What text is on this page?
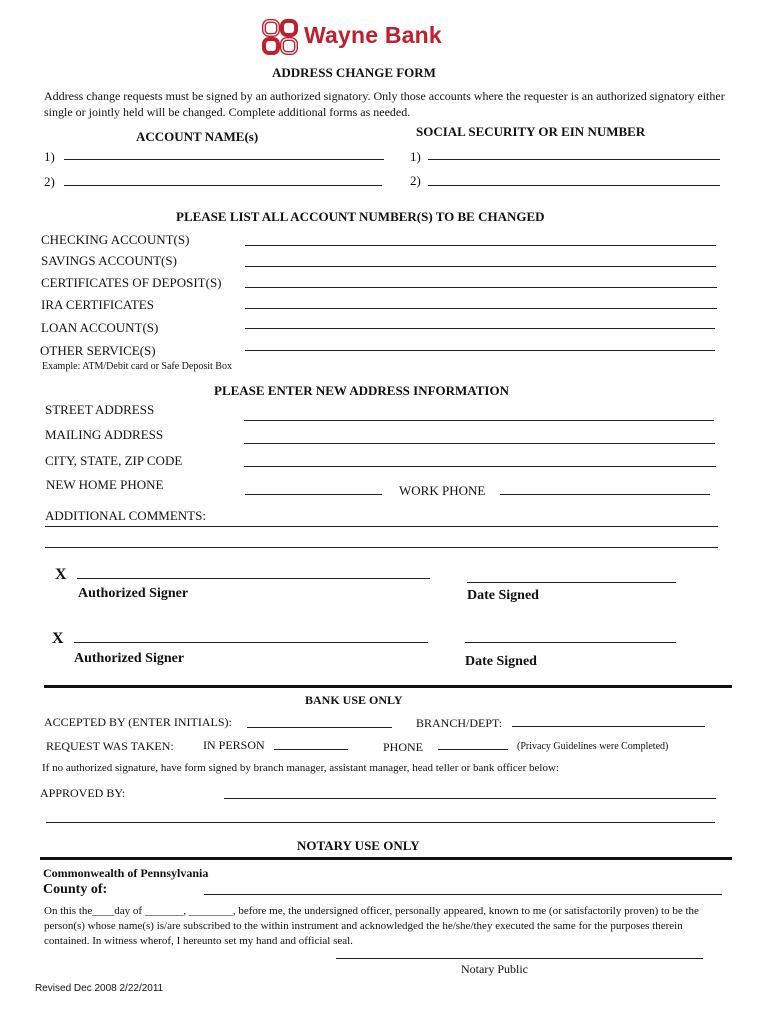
Wayne Bank
ADDRESS CHANGE FORM
Address change requests must be signed by an authorized signatory. Only those accounts where the requester is an authorized signatory either single or jointly held will be changed. Complete additional forms as needed.
ACCOUNT NAME(s)	SOCIAL SECURITY OR EIN NUMBER
1)	1)
2)	2)
PLEASE LIST ALL ACCOUNT NUMBER(S) TO BE CHANGED
CHECKING ACCOUNT(S)
SAVINGS ACCOUNT(S)
CERTIFICATES OF DEPOSIT(S)
IRA CERTIFICATES
LOAN ACCOUNT(S)
OTHER SERVICE(S)
Example: ATM/Debit card or Safe Deposit Box
PLEASE ENTER NEW ADDRESS INFORMATION
STREET ADDRESS
MAILING ADDRESS
CITY, STATE, ZIP CODE
NEW HOME PHONE	WORK PHONE
ADDITIONAL COMMENTS:
X
Authorized Signer	Date Signed
X
Authorized Signer	Date Signed
BANK USE ONLY
ACCEPTED BY (ENTER INITIALS):	BRANCH/DEPT:
REQUEST WAS TAKEN: IN PERSON	PHONE	(Privacy Guidelines were Completed)
If no authorized signature, have form signed by branch manager, assistant manager, head teller or bank officer below:
APPROVED BY:
NOTARY USE ONLY
Commonwealth of Pennsylvania
County of:
On this the____day of _______, ________, before me, the undersigned officer, personally appeared, known to me (or satisfactorily proven) to be the person(s) whose name(s) is/are subscribed to the within instrument and acknowledged the he/she/they executed the same for the purposes therein contained. In witness wherof, I hereunto set my hand and official seal.
Notary Public
Revised Dec 2008 2/22/2011
